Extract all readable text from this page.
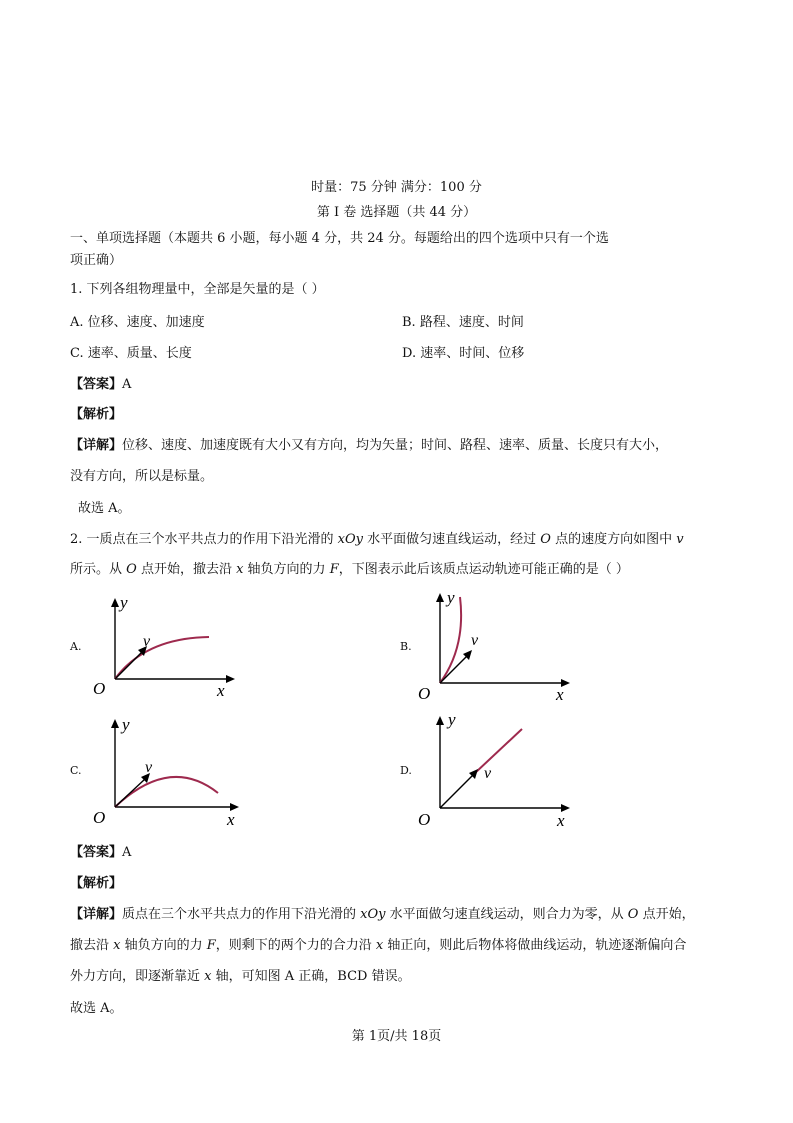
时量：75 分钟 满分：100 分
第 I 卷 选择题（共 44 分）
一、单项选择题（本题共 6 小题，每小题 4 分，共 24 分。每题给出的四个选项中只有一个选
项正确）
1. 下列各组物理量中，全部是矢量的是（ ）
A. 位移、速度、加速度	B. 路程、速度、时间
C. 速率、质量、长度	D. 速率、时间、位移
【答案】A
【解析】
【详解】位移、速度、加速度既有大小又有方向，均为矢量；时间、路程、速率、质量、长度只有大小，
没有方向，所以是标量。
故选 A。
2. 一质点在三个水平共点力的作用下沿光滑的 xOy 水平面做匀速直线运动，经过 O 点的速度方向如图中 v
所示。从 O 点开始，撤去沿 x 轴负方向的力 F，下图表示此后该质点运动轨迹可能正确的是（ ）
A.	B.
C.	D.
y
x
O
v
y
x
O
v
y
x
O
v
y
x
O
v
【答案】A
【解析】
【详解】质点在三个水平共点力的作用下沿光滑的 xOy 水平面做匀速直线运动，则合力为零，从 O 点开始，
撤去沿 x 轴负方向的力 F，则剩下的两个力的合力沿 x 轴正向，则此后物体将做曲线运动，轨迹逐渐偏向合
外力方向，即逐渐靠近 x 轴，可知图 A 正确，BCD 错误。
故选 A。
第 1页/共 18页
